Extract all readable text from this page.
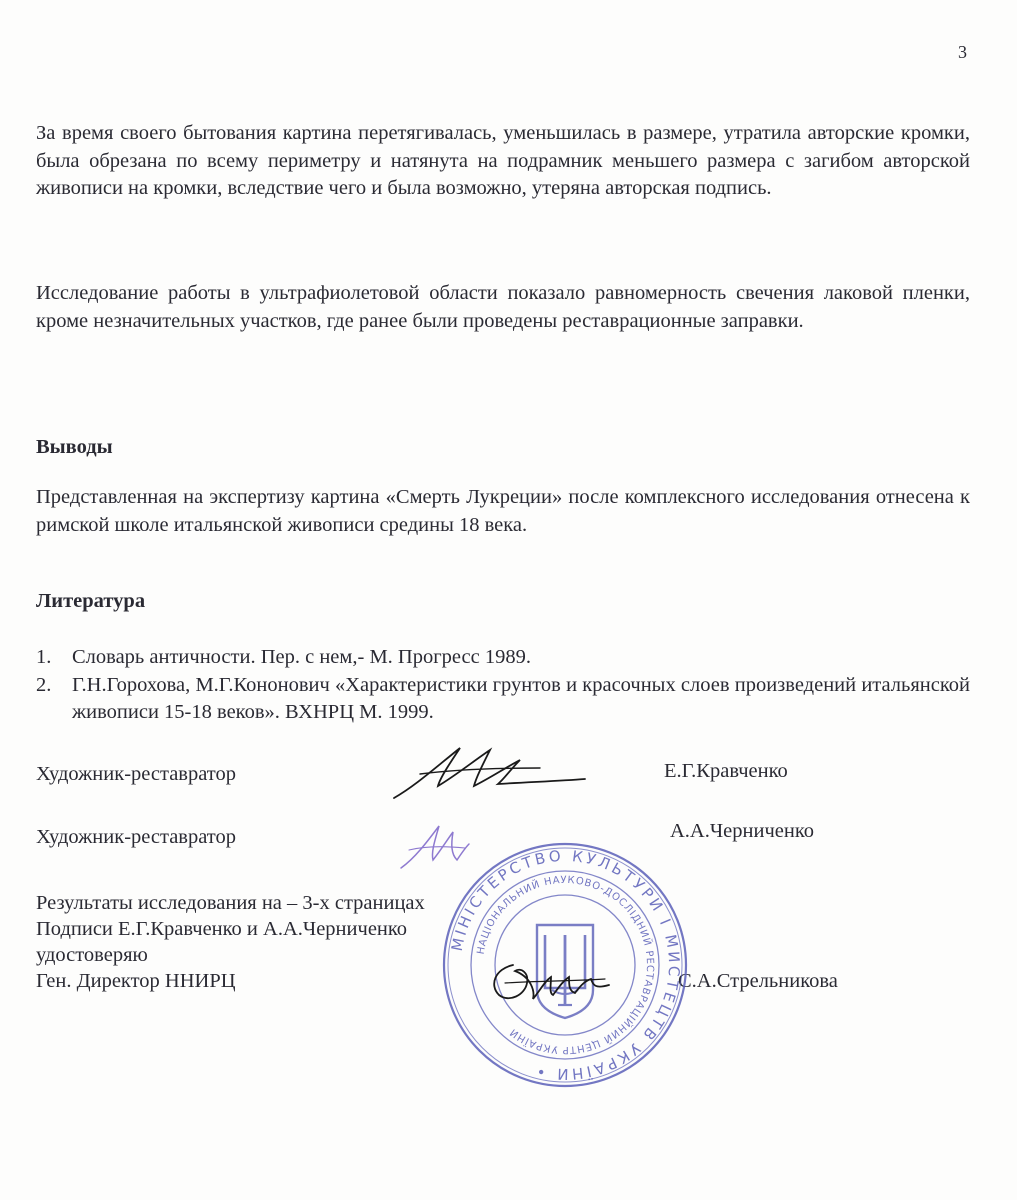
3

За время своего бытования картина перетягивалась, уменьшилась в размере, утратила авторские кромки, была обрезана по всему периметру и натянута на подрамник меньшего размера с загибом авторской живописи на кромки, вследствие чего и была возможно, утеряна авторская подпись.

Исследование работы в ультрафиолетовой области показало равномерность свечения лаковой пленки, кроме незначительных участков, где ранее были проведены реставрационные заправки.

Выводы

Представленная на экспертизу картина «Смерть Лукреции» после комплексного исследования отнесена к римской школе итальянской живописи средины 18 века.

Литература
1. Словарь античности. Пер. с нем,- М. Прогресс 1989.
2. Г.Н.Горохова, М.Г.Кононович «Характеристики грунтов и красочных слоев произведений итальянской живописи 15-18 веков». ВХНРЦ М. 1999.
Художник-реставратор	Е.Г.Кравченко
Художник-реставратор	А.А.Черниченко
Результаты исследования на – 3-х страницах
Подписи Е.Г.Кравченко и А.А.Черниченко
удостоверяю
Ген. Директор ННИРЦ	С.А.Стрельникова
МІНІСТЕРСТВО КУЛЬТУРИ І МИСТЕЦТВ УКРАЇНИ •
НАЦІОНАЛЬНИЙ НАУКОВО-ДОСЛІДНИЙ РЕСТАВРАЦІЙНИЙ ЦЕНТР УКРАЇНИ
